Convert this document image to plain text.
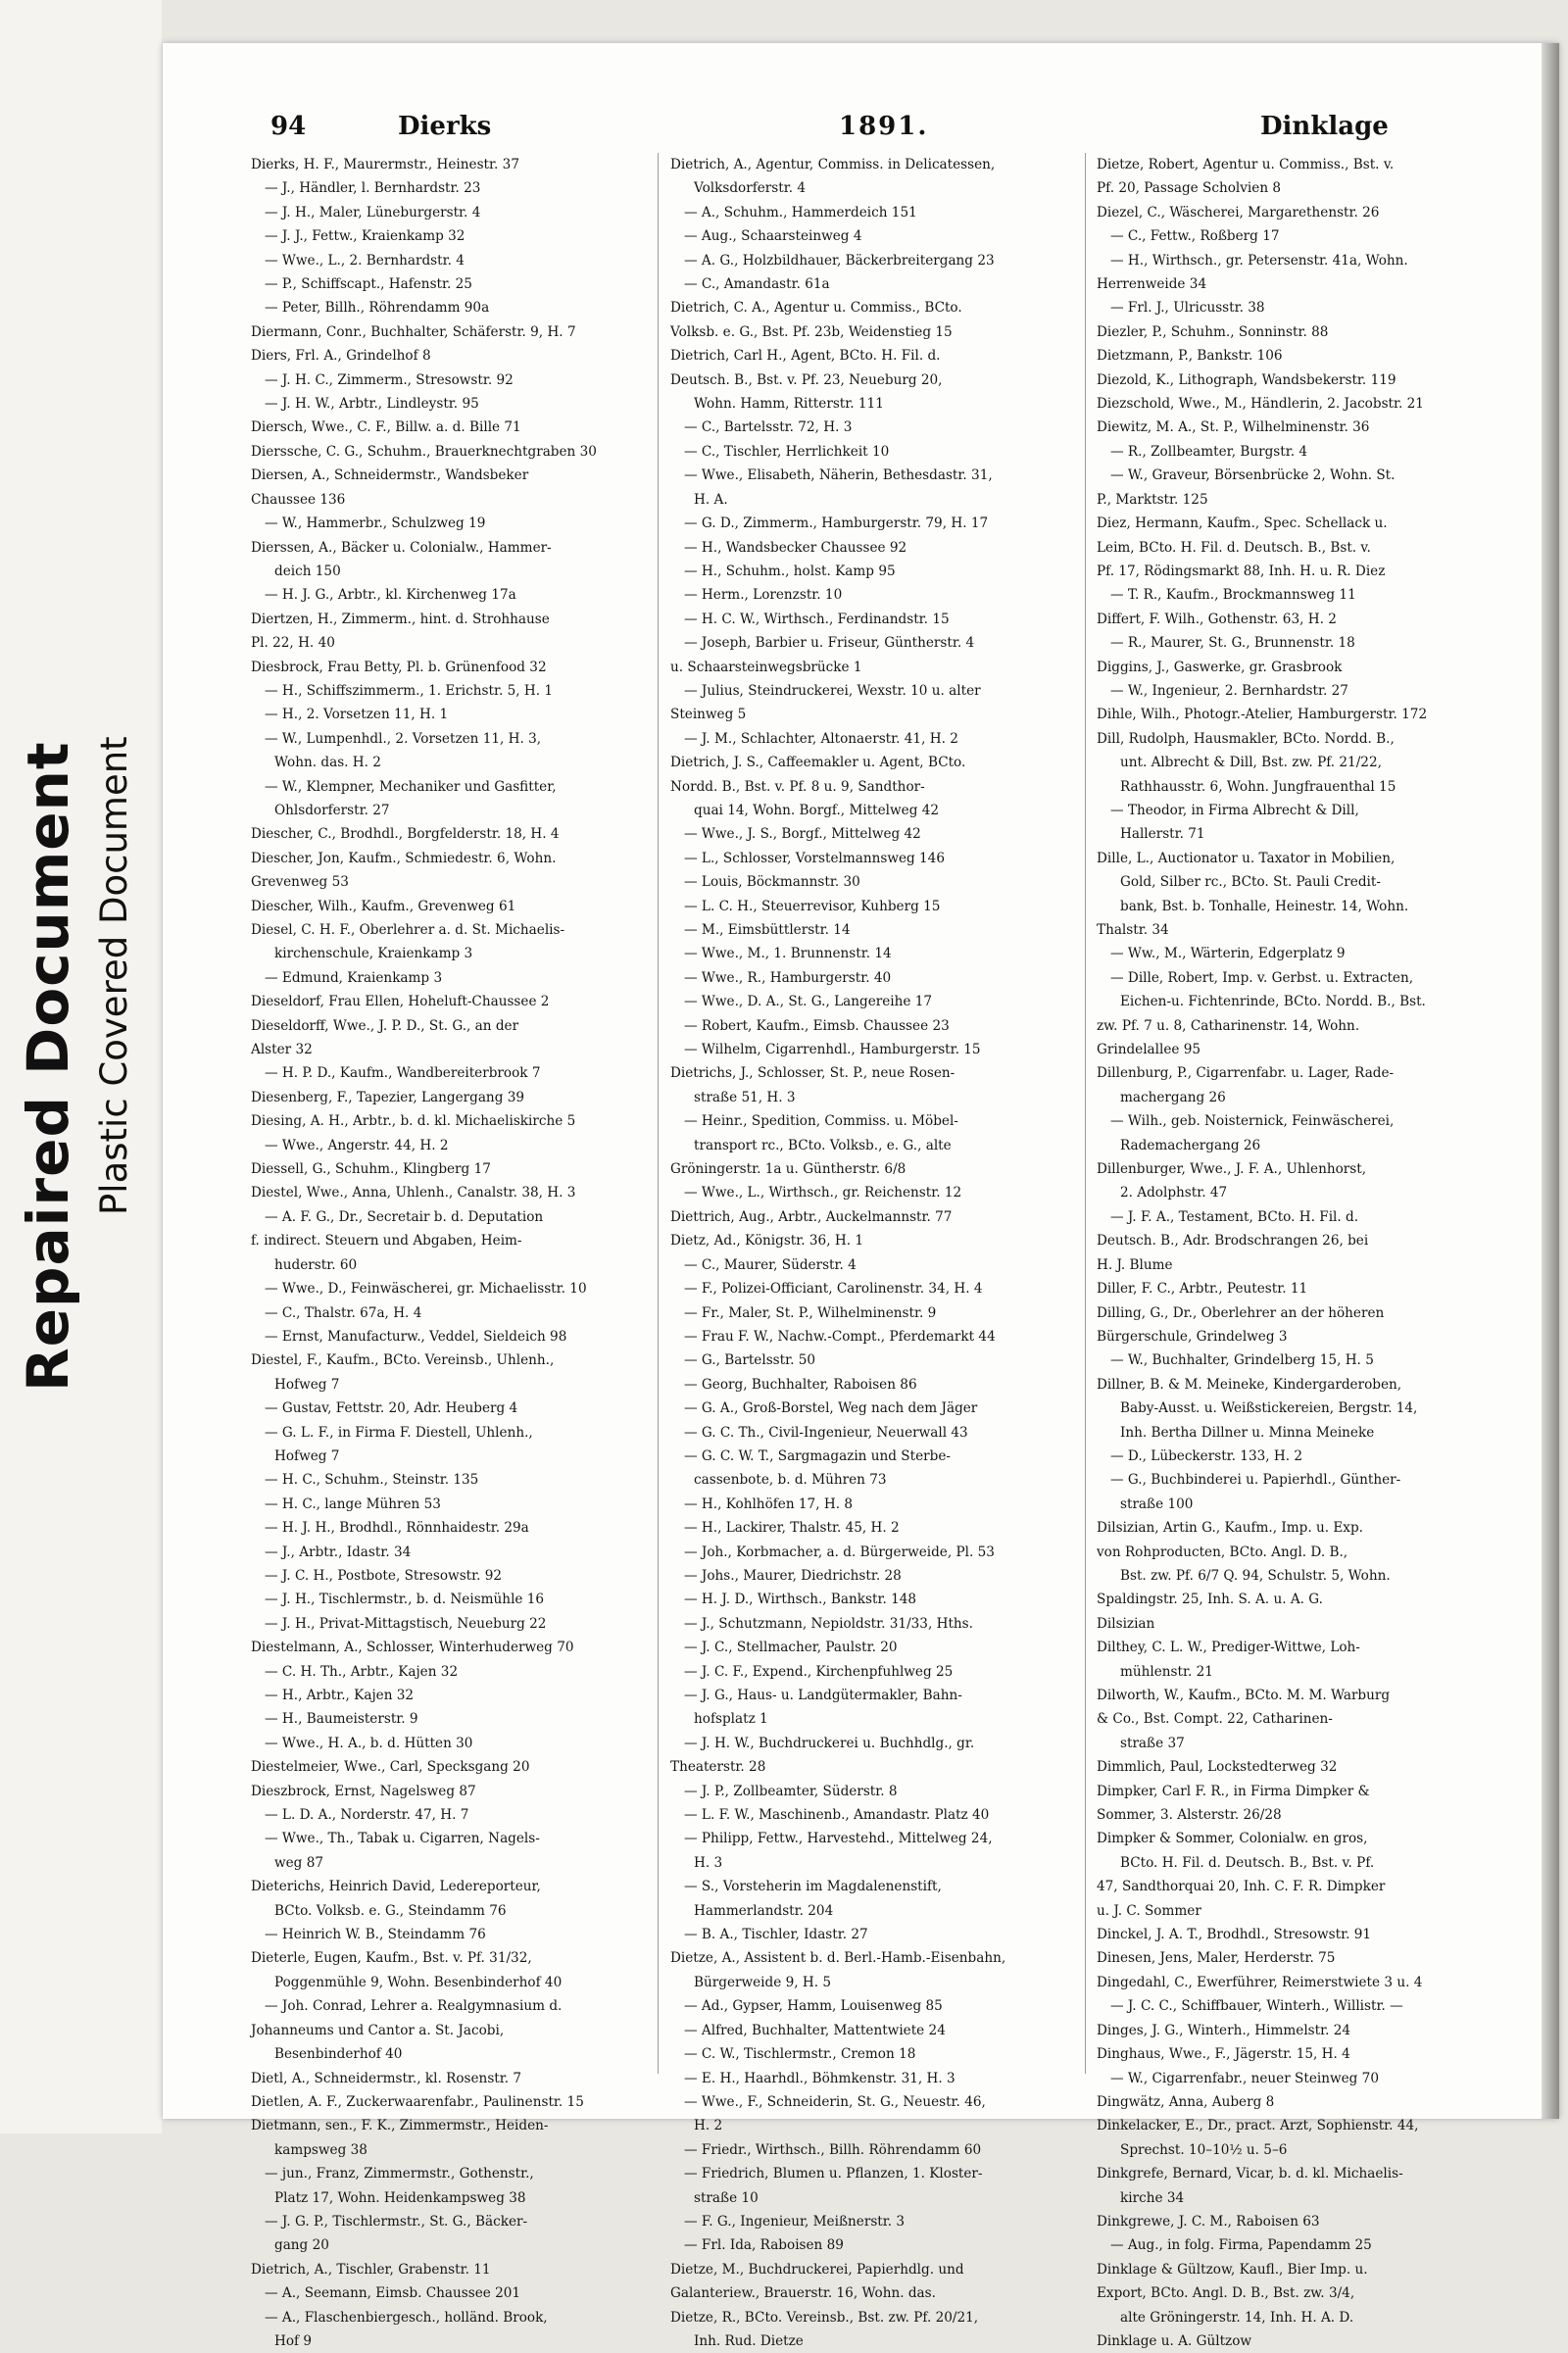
Repaired Document Plastic Covered Document
94	Dierks	1891.	Dinklage
Dierks, H. F., Maurermstr., Heinestr. 37
— J., Händler, l. Bernhardstr. 23
— J. H., Maler, Lüneburgerstr. 4
— J. J., Fettw., Kraienkamp 32
— Wwe., L., 2. Bernhardstr. 4
— P., Schiffscapt., Hafenstr. 25
— Peter, Billh., Röhrendamm 90a
Diermann, Conr., Buchhalter, Schäferstr. 9, H. 7
Diers, Frl. A., Grindelhof 8
— J. H. C., Zimmerm., Stresowstr. 92
— J. H. W., Arbtr., Lindleystr. 95
Diersch, Wwe., C. F., Billw. a. d. Bille 71
Dierssche, C. G., Schuhm., Brauerknechtgraben 30
Diersen, A., Schneidermstr., Wandsbeker
Chaussee 136
— W., Hammerbr., Schulzweg 19
Dierssen, A., Bäcker u. Colonialw., Hammer-
deich 150
— H. J. G., Arbtr., kl. Kirchenweg 17a
Diertzen, H., Zimmerm., hint. d. Strohhause
Pl. 22, H. 40
Diesbrock, Frau Betty, Pl. b. Grünenfood 32
— H., Schiffszimmerm., 1. Erichstr. 5, H. 1
— H., 2. Vorsetzen 11, H. 1
— W., Lumpenhdl., 2. Vorsetzen 11, H. 3,
Wohn. das. H. 2
— W., Klempner, Mechaniker und Gasfitter,
Ohlsdorferstr. 27
Diescher, C., Brodhdl., Borgfelderstr. 18, H. 4
Diescher, Jon, Kaufm., Schmiedestr. 6, Wohn.
Grevenweg 53
Diescher, Wilh., Kaufm., Grevenweg 61
Diesel, C. H. F., Oberlehrer a. d. St. Michaelis-
kirchenschule, Kraienkamp 3
— Edmund, Kraienkamp 3
Dieseldorf, Frau Ellen, Hoheluft-Chaussee 2
Dieseldorff, Wwe., J. P. D., St. G., an der
Alster 32
— H. P. D., Kaufm., Wandbereiterbrook 7
Diesenberg, F., Tapezier, Langergang 39
Diesing, A. H., Arbtr., b. d. kl. Michaeliskirche 5
— Wwe., Angerstr. 44, H. 2
Diessell, G., Schuhm., Klingberg 17
Diestel, Wwe., Anna, Uhlenh., Canalstr. 38, H. 3
— A. F. G., Dr., Secretair b. d. Deputation
f. indirect. Steuern und Abgaben, Heim-
huderstr. 60
— Wwe., D., Feinwäscherei, gr. Michaelisstr. 10
— C., Thalstr. 67a, H. 4
— Ernst, Manufacturw., Veddel, Sieldeich 98
Diestel, F., Kaufm., BCto. Vereinsb., Uhlenh.,
Hofweg 7
— Gustav, Fettstr. 20, Adr. Heuberg 4
— G. L. F., in Firma F. Diestell, Uhlenh.,
Hofweg 7
— H. C., Schuhm., Steinstr. 135
— H. C., lange Mühren 53
— H. J. H., Brodhdl., Rönnhaidestr. 29a
— J., Arbtr., Idastr. 34
— J. C. H., Postbote, Stresowstr. 92
— J. H., Tischlermstr., b. d. Neismühle 16
— J. H., Privat-Mittagstisch, Neueburg 22
Diestelmann, A., Schlosser, Winterhuderweg 70
— C. H. Th., Arbtr., Kajen 32
— H., Arbtr., Kajen 32
— H., Baumeisterstr. 9
— Wwe., H. A., b. d. Hütten 30
Diestelmeier, Wwe., Carl, Specksgang 20
Dieszbrock, Ernst, Nagelsweg 87
— L. D. A., Norderstr. 47, H. 7
— Wwe., Th., Tabak u. Cigarren, Nagels-
weg 87
Dieterichs, Heinrich David, Ledereporteur,
BCto. Volksb. e. G., Steindamm 76
— Heinrich W. B., Steindamm 76
Dieterle, Eugen, Kaufm., Bst. v. Pf. 31/32,
Poggenmühle 9, Wohn. Besenbinderhof 40
— Joh. Conrad, Lehrer a. Realgymnasium d.
Johanneums und Cantor a. St. Jacobi,
Besenbinderhof 40
Dietl, A., Schneidermstr., kl. Rosenstr. 7
Dietlen, A. F., Zuckerwaarenfabr., Paulinenstr. 15
Dietmann, sen., F. K., Zimmermstr., Heiden-
kampsweg 38
— jun., Franz, Zimmermstr., Gothenstr.,
Platz 17, Wohn. Heidenkampsweg 38
— J. G. P., Tischlermstr., St. G., Bäcker-
gang 20
Dietrich, A., Tischler, Grabenstr. 11
— A., Seemann, Eimsb. Chaussee 201
— A., Flaschenbiergesch., holländ. Brook,
Hof 9
Dietrich, A., Agentur, Commiss. in Delicatessen,
Volksdorferstr. 4
— A., Schuhm., Hammerdeich 151
— Aug., Schaarsteinweg 4
— A. G., Holzbildhauer, Bäckerbreitergang 23
— C., Amandastr. 61a
Dietrich, C. A., Agentur u. Commiss., BCto.
Volksb. e. G., Bst. Pf. 23b, Weidenstieg 15
Dietrich, Carl H., Agent, BCto. H. Fil. d.
Deutsch. B., Bst. v. Pf. 23, Neueburg 20,
Wohn. Hamm, Ritterstr. 111
— C., Bartelsstr. 72, H. 3
— C., Tischler, Herrlichkeit 10
— Wwe., Elisabeth, Näherin, Bethesdastr. 31,
H. A.
— G. D., Zimmerm., Hamburgerstr. 79, H. 17
— H., Wandsbecker Chaussee 92
— H., Schuhm., holst. Kamp 95
— Herm., Lorenzstr. 10
— H. C. W., Wirthsch., Ferdinandstr. 15
— Joseph, Barbier u. Friseur, Güntherstr. 4
u. Schaarsteinwegsbrücke 1
— Julius, Steindruckerei, Wexstr. 10 u. alter
Steinweg 5
— J. M., Schlachter, Altonaerstr. 41, H. 2
Dietrich, J. S., Caffeemakler u. Agent, BCto.
Nordd. B., Bst. v. Pf. 8 u. 9, Sandthor-
quai 14, Wohn. Borgf., Mittelweg 42
— Wwe., J. S., Borgf., Mittelweg 42
— L., Schlosser, Vorstelmannsweg 146
— Louis, Böckmannstr. 30
— L. C. H., Steuerrevisor, Kuhberg 15
— M., Eimsbüttlerstr. 14
— Wwe., M., 1. Brunnenstr. 14
— Wwe., R., Hamburgerstr. 40
— Wwe., D. A., St. G., Langereihe 17
— Robert, Kaufm., Eimsb. Chaussee 23
— Wilhelm, Cigarrenhdl., Hamburgerstr. 15
Dietrichs, J., Schlosser, St. P., neue Rosen-
straße 51, H. 3
— Heinr., Spedition, Commiss. u. Möbel-
transport rc., BCto. Volksb., e. G., alte
Gröningerstr. 1a u. Güntherstr. 6/8
— Wwe., L., Wirthsch., gr. Reichenstr. 12
Diettrich, Aug., Arbtr., Auckelmannstr. 77
Dietz, Ad., Königstr. 36, H. 1
— C., Maurer, Süderstr. 4
— F., Polizei-Officiant, Carolinenstr. 34, H. 4
— Fr., Maler, St. P., Wilhelminenstr. 9
— Frau F. W., Nachw.-Compt., Pferdemarkt 44
— G., Bartelsstr. 50
— Georg, Buchhalter, Raboisen 86
— G. A., Groß-Borstel, Weg nach dem Jäger
— G. C. Th., Civil-Ingenieur, Neuerwall 43
— G. C. W. T., Sargmagazin und Sterbe-
cassenbote, b. d. Mühren 73
— H., Kohlhöfen 17, H. 8
— H., Lackirer, Thalstr. 45, H. 2
— Joh., Korbmacher, a. d. Bürgerweide, Pl. 53
— Johs., Maurer, Diedrichstr. 28
— H. J. D., Wirthsch., Bankstr. 148
— J., Schutzmann, Nepioldstr. 31/33, Hths.
— J. C., Stellmacher, Paulstr. 20
— J. C. F., Expend., Kirchenpfuhlweg 25
— J. G., Haus- u. Landgütermakler, Bahn-
hofsplatz 1
— J. H. W., Buchdruckerei u. Buchhdlg., gr.
Theaterstr. 28
— J. P., Zollbeamter, Süderstr. 8
— L. F. W., Maschinenb., Amandastr. Platz 40
— Philipp, Fettw., Harvestehd., Mittelweg 24,
H. 3
— S., Vorsteherin im Magdalenenstift,
Hammerlandstr. 204
— B. A., Tischler, Idastr. 27
Dietze, A., Assistent b. d. Berl.-Hamb.-Eisenbahn,
Bürgerweide 9, H. 5
— Ad., Gypser, Hamm, Louisenweg 85
— Alfred, Buchhalter, Mattentwiete 24
— C. W., Tischlermstr., Cremon 18
— E. H., Haarhdl., Böhmkenstr. 31, H. 3
— Wwe., F., Schneiderin, St. G., Neuestr. 46,
H. 2
— Friedr., Wirthsch., Billh. Röhrendamm 60
— Friedrich, Blumen u. Pflanzen, 1. Kloster-
straße 10
— F. G., Ingenieur, Meißnerstr. 3
— Frl. Ida, Raboisen 89
Dietze, M., Buchdruckerei, Papierhdlg. und
Galanteriew., Brauerstr. 16, Wohn. das.
Dietze, R., BCto. Vereinsb., Bst. zw. Pf. 20/21,
Inh. Rud. Dietze
Dietze, Robert, Agentur u. Commiss., Bst. v.
Pf. 20, Passage Scholvien 8
Diezel, C., Wäscherei, Margarethenstr. 26
— C., Fettw., Roßberg 17
— H., Wirthsch., gr. Petersenstr. 41a, Wohn.
Herrenweide 34
— Frl. J., Ulricusstr. 38
Diezler, P., Schuhm., Sonninstr. 88
Dietzmann, P., Bankstr. 106
Diezold, K., Lithograph, Wandsbekerstr. 119
Diezschold, Wwe., M., Händlerin, 2. Jacobstr. 21
Diewitz, M. A., St. P., Wilhelminenstr. 36
— R., Zollbeamter, Burgstr. 4
— W., Graveur, Börsenbrücke 2, Wohn. St.
P., Marktstr. 125
Diez, Hermann, Kaufm., Spec. Schellack u.
Leim, BCto. H. Fil. d. Deutsch. B., Bst. v.
Pf. 17, Rödingsmarkt 88, Inh. H. u. R. Diez
— T. R., Kaufm., Brockmannsweg 11
Differt, F. Wilh., Gothenstr. 63, H. 2
— R., Maurer, St. G., Brunnenstr. 18
Diggins, J., Gaswerke, gr. Grasbrook
— W., Ingenieur, 2. Bernhardstr. 27
Dihle, Wilh., Photogr.-Atelier, Hamburgerstr. 172
Dill, Rudolph, Hausmakler, BCto. Nordd. B.,
unt. Albrecht & Dill, Bst. zw. Pf. 21/22,
Rathhausstr. 6, Wohn. Jungfrauenthal 15
— Theodor, in Firma Albrecht & Dill,
Hallerstr. 71
Dille, L., Auctionator u. Taxator in Mobilien,
Gold, Silber rc., BCto. St. Pauli Credit-
bank, Bst. b. Tonhalle, Heinestr. 14, Wohn.
Thalstr. 34
— Ww., M., Wärterin, Edgerplatz 9
— Dille, Robert, Imp. v. Gerbst. u. Extracten,
Eichen-u. Fichtenrinde, BCto. Nordd. B., Bst.
zw. Pf. 7 u. 8, Catharinenstr. 14, Wohn.
Grindelallee 95
Dillenburg, P., Cigarrenfabr. u. Lager, Rade-
machergang 26
— Wilh., geb. Noisternick, Feinwäscherei,
Rademachergang 26
Dillenburger, Wwe., J. F. A., Uhlenhorst,
2. Adolphstr. 47
— J. F. A., Testament, BCto. H. Fil. d.
Deutsch. B., Adr. Brodschrangen 26, bei
H. J. Blume
Diller, F. C., Arbtr., Peutestr. 11
Dilling, G., Dr., Oberlehrer an der höheren
Bürgerschule, Grindelweg 3
— W., Buchhalter, Grindelberg 15, H. 5
Dillner, B. & M. Meineke, Kindergarderoben,
Baby-Ausst. u. Weißstickereien, Bergstr. 14,
Inh. Bertha Dillner u. Minna Meineke
— D., Lübeckerstr. 133, H. 2
— G., Buchbinderei u. Papierhdl., Günther-
straße 100
Dilsizian, Artin G., Kaufm., Imp. u. Exp.
von Rohproducten, BCto. Angl. D. B.,
Bst. zw. Pf. 6/7 Q. 94, Schulstr. 5, Wohn.
Spaldingstr. 25, Inh. S. A. u. A. G.
Dilsizian
Dilthey, C. L. W., Prediger-Wittwe, Loh-
mühlenstr. 21
Dilworth, W., Kaufm., BCto. M. M. Warburg
& Co., Bst. Compt. 22, Catharinen-
straße 37
Dimmlich, Paul, Lockstedterweg 32
Dimpker, Carl F. R., in Firma Dimpker &
Sommer, 3. Alsterstr. 26/28
Dimpker & Sommer, Colonialw. en gros,
BCto. H. Fil. d. Deutsch. B., Bst. v. Pf.
47, Sandthorquai 20, Inh. C. F. R. Dimpker
u. J. C. Sommer
Dinckel, J. A. T., Brodhdl., Stresowstr. 91
Dinesen, Jens, Maler, Herderstr. 75
Dingedahl, C., Ewerführer, Reimerstwiete 3 u. 4
— J. C. C., Schiffbauer, Winterh., Willistr. —
Dinges, J. G., Winterh., Himmelstr. 24
Dinghaus, Wwe., F., Jägerstr. 15, H. 4
— W., Cigarrenfabr., neuer Steinweg 70
Dingwätz, Anna, Auberg 8
Dinkelacker, E., Dr., pract. Arzt, Sophienstr. 44,
Sprechst. 10–10½ u. 5–6
Dinkgrefe, Bernard, Vicar, b. d. kl. Michaelis-
kirche 34
Dinkgrewe, J. C. M., Raboisen 63
— Aug., in folg. Firma, Papendamm 25
Dinklage & Gültzow, Kaufl., Bier Imp. u.
Export, BCto. Angl. D. B., Bst. zw. 3/4,
alte Gröningerstr. 14, Inh. H. A. D.
Dinklage u. A. Gültzow
